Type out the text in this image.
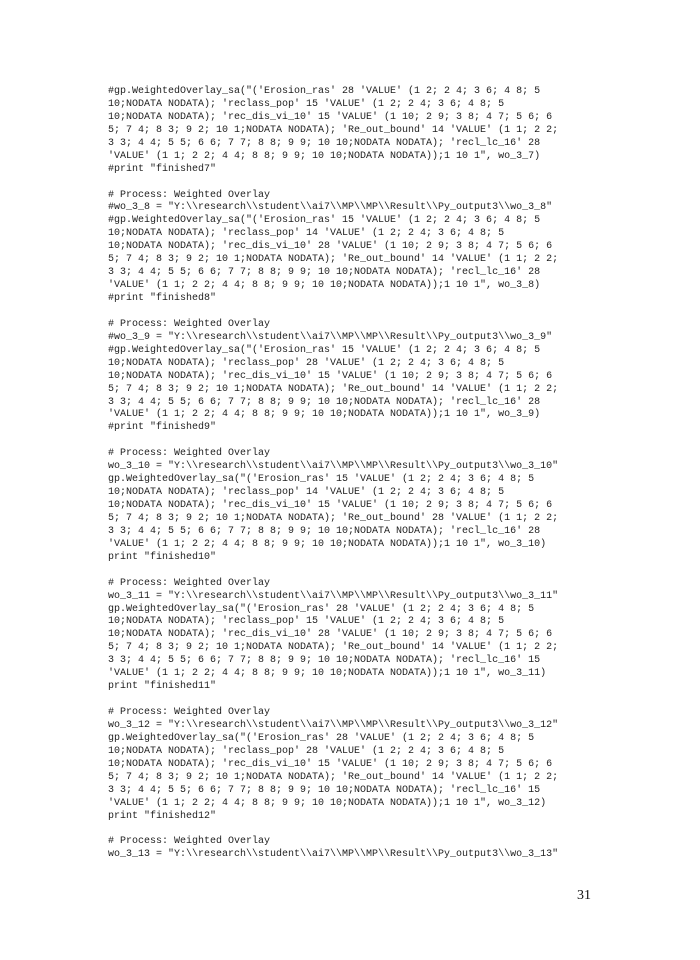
#gp.WeightedOverlay_sa("('Erosion_ras' 28 'VALUE' (1 2; 2 4; 3 6; 4 8; 5
10;NODATA NODATA); 'reclass_pop' 15 'VALUE' (1 2; 2 4; 3 6; 4 8; 5
10;NODATA NODATA); 'rec_dis_vi_10' 15 'VALUE' (1 10; 2 9; 3 8; 4 7; 5 6; 6
5; 7 4; 8 3; 9 2; 10 1;NODATA NODATA); 'Re_out_bound' 14 'VALUE' (1 1; 2 2;
3 3; 4 4; 5 5; 6 6; 7 7; 8 8; 9 9; 10 10;NODATA NODATA); 'recl_lc_16' 28
'VALUE' (1 1; 2 2; 4 4; 8 8; 9 9; 10 10;NODATA NODATA));1 10 1", wo_3_7)
#print "finished7"
# Process: Weighted Overlay
#wo_3_8 = "Y:\\research\\student\\ai7\\MP\\MP\\Result\\Py_output3\\wo_3_8"
#gp.WeightedOverlay_sa("('Erosion_ras' 15 'VALUE' (1 2; 2 4; 3 6; 4 8; 5
10;NODATA NODATA); 'reclass_pop' 14 'VALUE' (1 2; 2 4; 3 6; 4 8; 5
10;NODATA NODATA); 'rec_dis_vi_10' 28 'VALUE' (1 10; 2 9; 3 8; 4 7; 5 6; 6
5; 7 4; 8 3; 9 2; 10 1;NODATA NODATA); 'Re_out_bound' 14 'VALUE' (1 1; 2 2;
3 3; 4 4; 5 5; 6 6; 7 7; 8 8; 9 9; 10 10;NODATA NODATA); 'recl_lc_16' 28
'VALUE' (1 1; 2 2; 4 4; 8 8; 9 9; 10 10;NODATA NODATA));1 10 1", wo_3_8)
#print "finished8"
# Process: Weighted Overlay
#wo_3_9 = "Y:\\research\\student\\ai7\\MP\\MP\\Result\\Py_output3\\wo_3_9"
#gp.WeightedOverlay_sa("('Erosion_ras' 15 'VALUE' (1 2; 2 4; 3 6; 4 8; 5
10;NODATA NODATA); 'reclass_pop' 28 'VALUE' (1 2; 2 4; 3 6; 4 8; 5
10;NODATA NODATA); 'rec_dis_vi_10' 15 'VALUE' (1 10; 2 9; 3 8; 4 7; 5 6; 6
5; 7 4; 8 3; 9 2; 10 1;NODATA NODATA); 'Re_out_bound' 14 'VALUE' (1 1; 2 2;
3 3; 4 4; 5 5; 6 6; 7 7; 8 8; 9 9; 10 10;NODATA NODATA); 'recl_lc_16' 28
'VALUE' (1 1; 2 2; 4 4; 8 8; 9 9; 10 10;NODATA NODATA));1 10 1", wo_3_9)
#print "finished9"
# Process: Weighted Overlay
wo_3_10 = "Y:\\research\\student\\ai7\\MP\\MP\\Result\\Py_output3\\wo_3_10"
gp.WeightedOverlay_sa("('Erosion_ras' 15 'VALUE' (1 2; 2 4; 3 6; 4 8; 5
10;NODATA NODATA); 'reclass_pop' 14 'VALUE' (1 2; 2 4; 3 6; 4 8; 5
10;NODATA NODATA); 'rec_dis_vi_10' 15 'VALUE' (1 10; 2 9; 3 8; 4 7; 5 6; 6
5; 7 4; 8 3; 9 2; 10 1;NODATA NODATA); 'Re_out_bound' 28 'VALUE' (1 1; 2 2;
3 3; 4 4; 5 5; 6 6; 7 7; 8 8; 9 9; 10 10;NODATA NODATA); 'recl_lc_16' 28
'VALUE' (1 1; 2 2; 4 4; 8 8; 9 9; 10 10;NODATA NODATA));1 10 1", wo_3_10)
print "finished10"
# Process: Weighted Overlay
wo_3_11 = "Y:\\research\\student\\ai7\\MP\\MP\\Result\\Py_output3\\wo_3_11"
gp.WeightedOverlay_sa("('Erosion_ras' 28 'VALUE' (1 2; 2 4; 3 6; 4 8; 5
10;NODATA NODATA); 'reclass_pop' 15 'VALUE' (1 2; 2 4; 3 6; 4 8; 5
10;NODATA NODATA); 'rec_dis_vi_10' 28 'VALUE' (1 10; 2 9; 3 8; 4 7; 5 6; 6
5; 7 4; 8 3; 9 2; 10 1;NODATA NODATA); 'Re_out_bound' 14 'VALUE' (1 1; 2 2;
3 3; 4 4; 5 5; 6 6; 7 7; 8 8; 9 9; 10 10;NODATA NODATA); 'recl_lc_16' 15
'VALUE' (1 1; 2 2; 4 4; 8 8; 9 9; 10 10;NODATA NODATA));1 10 1", wo_3_11)
print "finished11"
# Process: Weighted Overlay
wo_3_12 = "Y:\\research\\student\\ai7\\MP\\MP\\Result\\Py_output3\\wo_3_12"
gp.WeightedOverlay_sa("('Erosion_ras' 28 'VALUE' (1 2; 2 4; 3 6; 4 8; 5
10;NODATA NODATA); 'reclass_pop' 28 'VALUE' (1 2; 2 4; 3 6; 4 8; 5
10;NODATA NODATA); 'rec_dis_vi_10' 15 'VALUE' (1 10; 2 9; 3 8; 4 7; 5 6; 6
5; 7 4; 8 3; 9 2; 10 1;NODATA NODATA); 'Re_out_bound' 14 'VALUE' (1 1; 2 2;
3 3; 4 4; 5 5; 6 6; 7 7; 8 8; 9 9; 10 10;NODATA NODATA); 'recl_lc_16' 15
'VALUE' (1 1; 2 2; 4 4; 8 8; 9 9; 10 10;NODATA NODATA));1 10 1", wo_3_12)
print "finished12"
# Process: Weighted Overlay
wo_3_13 = "Y:\\research\\student\\ai7\\MP\\MP\\Result\\Py_output3\\wo_3_13"
31
